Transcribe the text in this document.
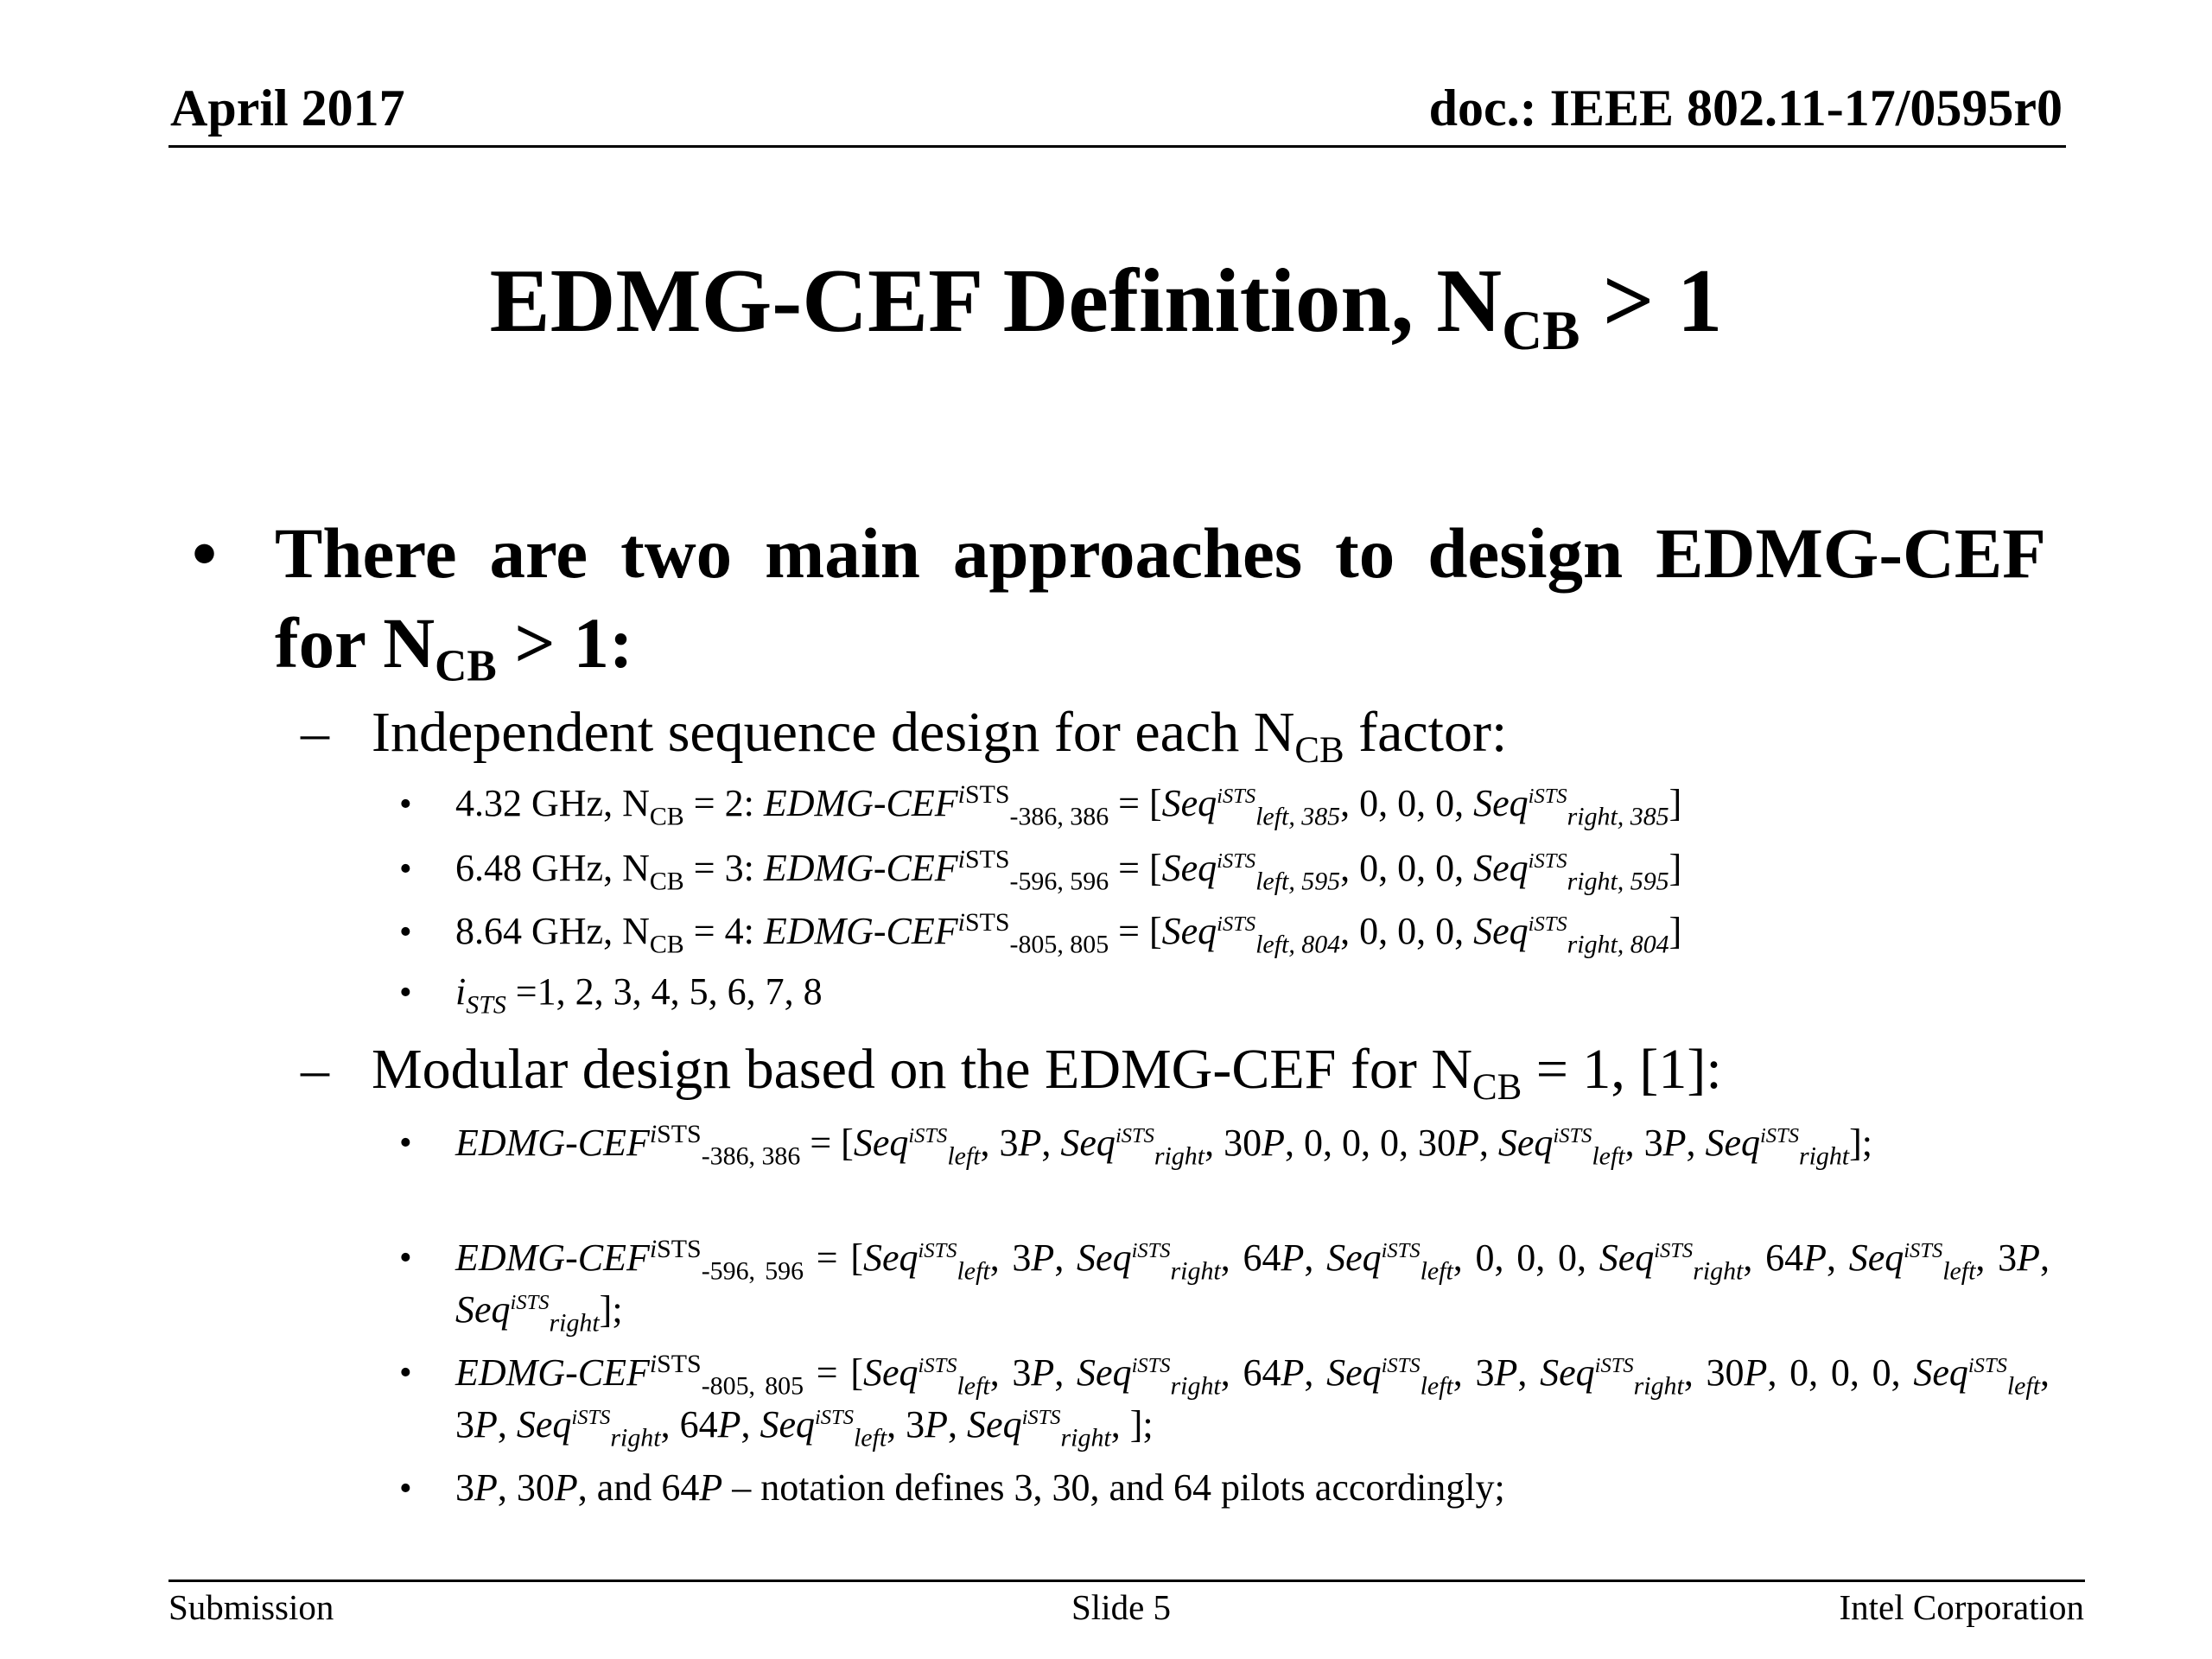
April 2017	doc.: IEEE 802.11-17/0595r0
EDMG-CEF Definition, $N_{CB} > 1$
• There are two main approaches to design EDMG-CEF for $N_{CB} > 1$:
– Independent sequence design for each $N_{CB}$ factor:
• 4.32 GHz, $N_{CB} = 2$: EDMG-$CEF^{iSTS}_{-386, 386} = [Seq^{iSTS}_{left, 385}$, 0, 0, 0, Seq$^{iSTS}_{right, 385}$]
• 6.48 GHz, $N_{CB} = 3$: EDMG-$CEF^{iSTS}_{-596, 596} = [Seq^{iSTS}_{left, 595}$, 0, 0, 0, Seq$^{iSTS}_{right, 595}$]
• 8.64 GHz, $N_{CB} = 4$: EDMG-$CEF^{iSTS}_{-805, 805} = [Seq^{iSTS}_{left, 804}$, 0, 0, 0, Seq$^{iSTS}_{right, 804}$]
• $i_{STS} =1$, 2, 3, 4, 5, 6, 7, 8
– Modular design based on the EDMG-CEF for $N_{CB} = 1$, [1]:
• EDMG-$CEF^{iSTS}_{-386, 386} = [Seq^{iSTS}_{left}$, 3P, Seq$^{iSTS}_{right}$, 30P, 0, 0, 0, 30P, Seq$^{iSTS}_{left}$, 3P, Seq$^{iSTS}_{right}$];
• EDMG-$CEF^{iSTS}_{-596, 596} = [Seq^{iSTS}_{left}$, 3P, Seq$^{iSTS}_{right}$, 64P, Seq$^{iSTS}_{left}$, 0, 0, 0, Seq$^{iSTS}_{right}$, 64P, Seq$^{iSTS}_{left}$, 3P, Seq$^{iSTS}_{right}$];
• EDMG-$CEF^{iSTS}_{-805, 805} = [Seq^{iSTS}_{left}$, 3P, Seq$^{iSTS}_{right}$, 64P, Seq$^{iSTS}_{left}$, 3P, Seq$^{iSTS}_{right}$, 30P, 0, 0, 0, Seq$^{iSTS}_{left}$, 3P, Seq$^{iSTS}_{right}$, 64P, Seq$^{iSTS}_{left}$, 3P, Seq$^{iSTS}_{right}$, ];
• 3P, 30P, and 64P – notation defines 3, 30, and 64 pilots accordingly;
Submission	Slide 5	Intel Corporation
